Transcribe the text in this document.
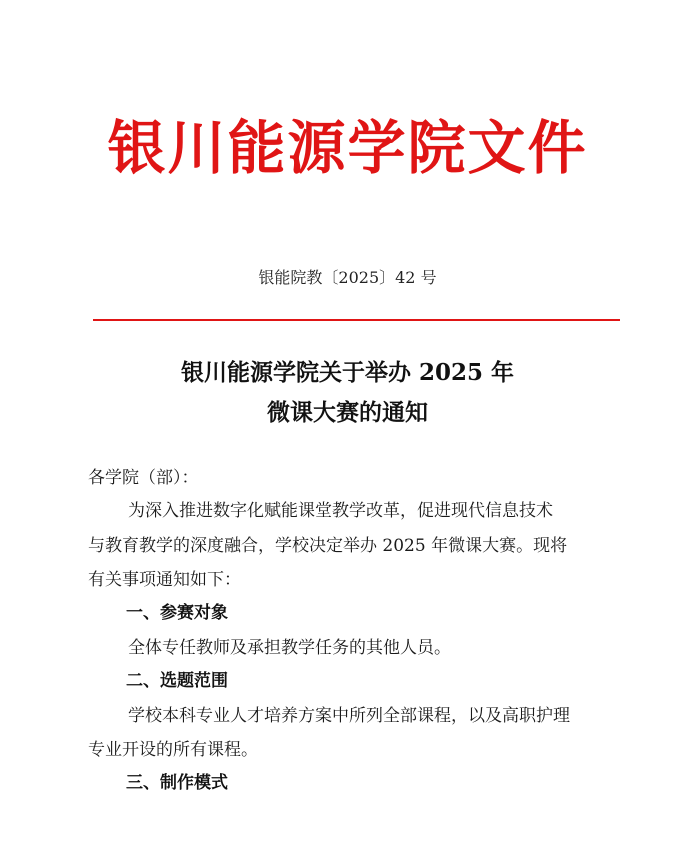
银川能源学院文件
银能院教〔2025〕42 号
银川能源学院关于举办 2025 年
微课大赛的通知
各学院（部）：
为深入推进数字化赋能课堂教学改革，促进现代信息技术
与教育教学的深度融合，学校决定举办 2025 年微课大赛。现将
有关事项通知如下：
一、参赛对象
全体专任教师及承担教学任务的其他人员。
二、选题范围
学校本科专业人才培养方案中所列全部课程，以及高职护理
专业开设的所有课程。
三、制作模式
